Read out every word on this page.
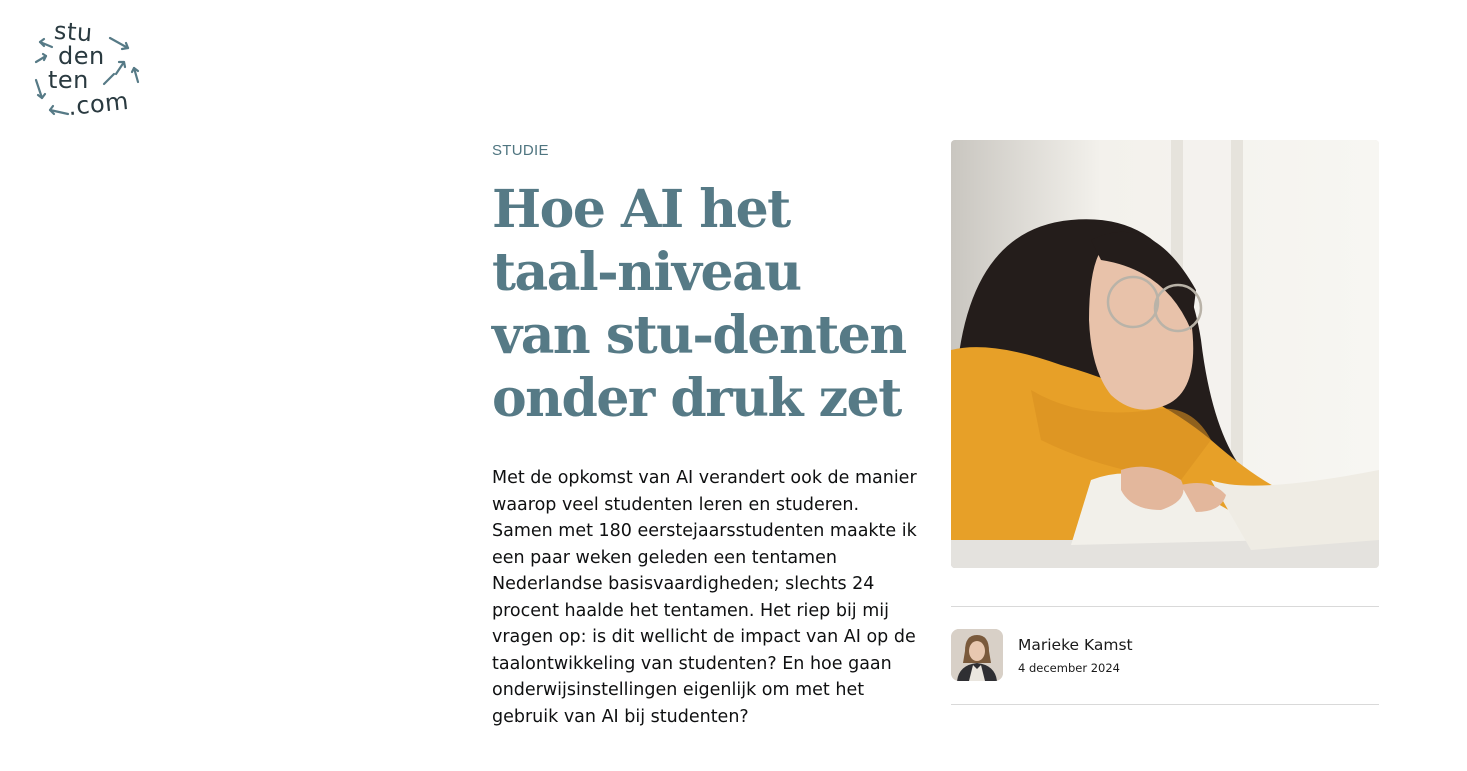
stu
den
ten
.com
STUDIE
Hoe AI het taal-niveau van stu-denten onder druk zet

Met de opkomst van AI verandert ook de manier waarop veel studenten leren en studeren. Samen met 180 eerstejaarsstudenten maakte ik een paar weken geleden een tentamen Nederlandse basisvaardigheden; slechts 24 procent haalde het tentamen. Het riep bij mij vragen op: is dit wellicht de impact van AI op de taalontwikkeling van studenten? En hoe gaan onderwijsinstellingen eigenlijk om met het gebruik van AI bij studenten?

Marieke Kamst
4 december 2024
